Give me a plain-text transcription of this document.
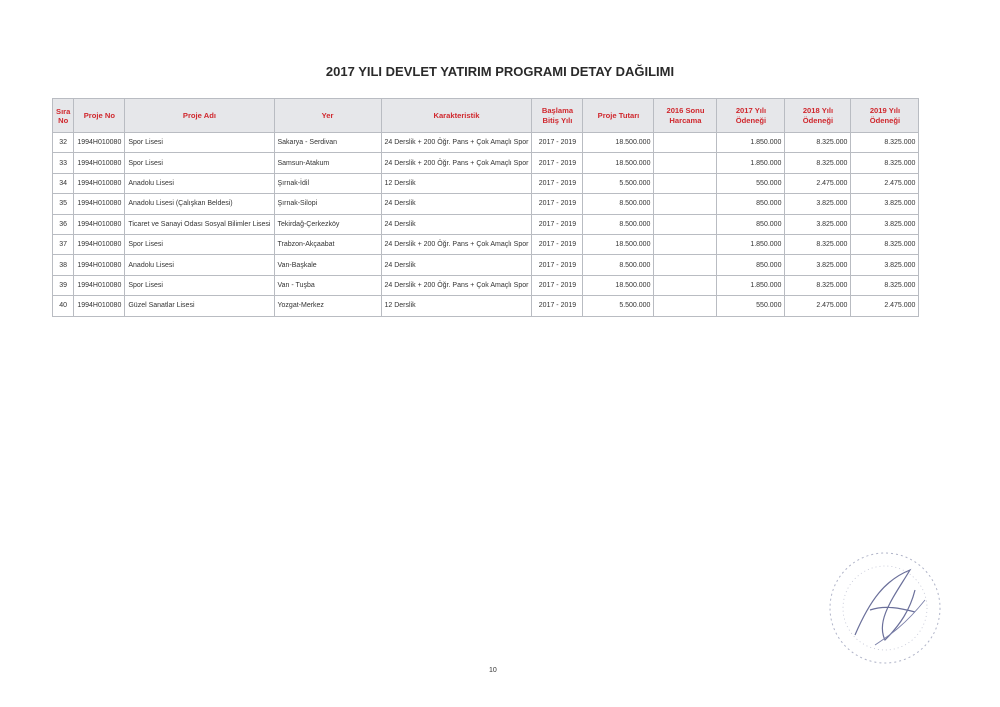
2017 YILI DEVLET YATIRIM PROGRAMI DETAY DAĞILIMI
Sıra No	Proje No	Proje Adı	Yer	Karakteristik	Başlama Bitiş Yılı	Proje Tutarı	2016 Sonu Harcama	2017 Yılı Ödeneği	2018 Yılı Ödeneği	2019 Yılı Ödeneği
32	1994H010080	Spor Lisesi	Sakarya - Serdivan	24 Derslik + 200 Öğr. Pans + Çok Amaçlı Spor	2017 - 2019	18.500.000		1.850.000	8.325.000	8.325.000
33	1994H010080	Spor Lisesi	Samsun-Atakum	24 Derslik + 200 Öğr. Pans + Çok Amaçlı Spor	2017 - 2019	18.500.000		1.850.000	8.325.000	8.325.000
34	1994H010080	Anadolu Lisesi	Şırnak-İdil	12 Derslik	2017 - 2019	5.500.000		550.000	2.475.000	2.475.000
35	1994H010080	Anadolu Lisesi (Çalışkan Beldesi)	Şırnak-Silopi	24 Derslik	2017 - 2019	8.500.000		850.000	3.825.000	3.825.000
36	1994H010080	Ticaret ve Sanayi Odası Sosyal Bilimler Lisesi	Tekirdağ-Çerkezköy	24 Derslik	2017 - 2019	8.500.000		850.000	3.825.000	3.825.000
37	1994H010080	Spor Lisesi	Trabzon-Akçaabat	24 Derslik + 200 Öğr. Pans + Çok Amaçlı Spor	2017 - 2019	18.500.000		1.850.000	8.325.000	8.325.000
38	1994H010080	Anadolu Lisesi	Van-Başkale	24 Derslik	2017 - 2019	8.500.000		850.000	3.825.000	3.825.000
39	1994H010080	Spor Lisesi	Van - Tuşba	24 Derslik + 200 Öğr. Pans + Çok Amaçlı Spor	2017 - 2019	18.500.000		1.850.000	8.325.000	8.325.000
40	1994H010080	Güzel Sanatlar Lisesi	Yozgat-Merkez	12 Derslik	2017 - 2019	5.500.000		550.000	2.475.000	2.475.000
10
